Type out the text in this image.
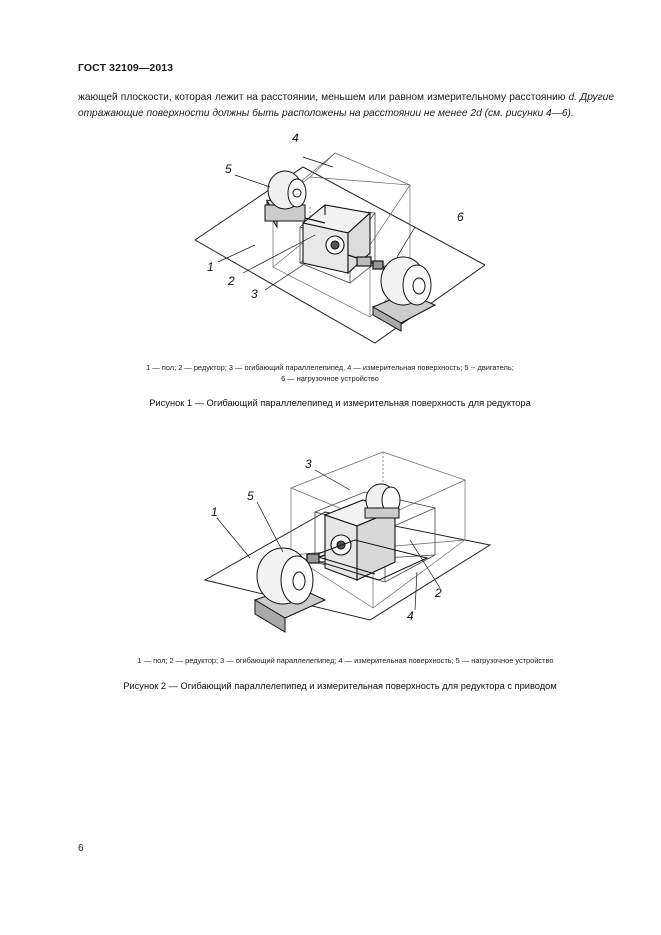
ГОСТ 32109—2013
жающей плоскости, которая лежит на расстоянии, меньшем или равном измерительному расстоянию d. Другие отражающие поверхности должны быть расположены на расстоянии не менее 2d (см. рисунки 4—6).
1
2
3
5
6
4
1 — пол; 2 — редуктор; 3 — огибающий параллелепипед, 4 — измерительная поверхность; 5 -- двигатель;
6 — нагрузочное устройство
Рисунок 1 — Огибающий параллелепипед и измерительная поверхность для редуктора
1
2
3
4
5
1 — пол; 2 — редуктор; 3 — огибающий параллелепипед; 4 — измерительная поверхность; 5 — нагрузочное устройство
Рисунок 2 — Огибающий параллелепипед и измерительная поверхность для редуктора с приводом
6
